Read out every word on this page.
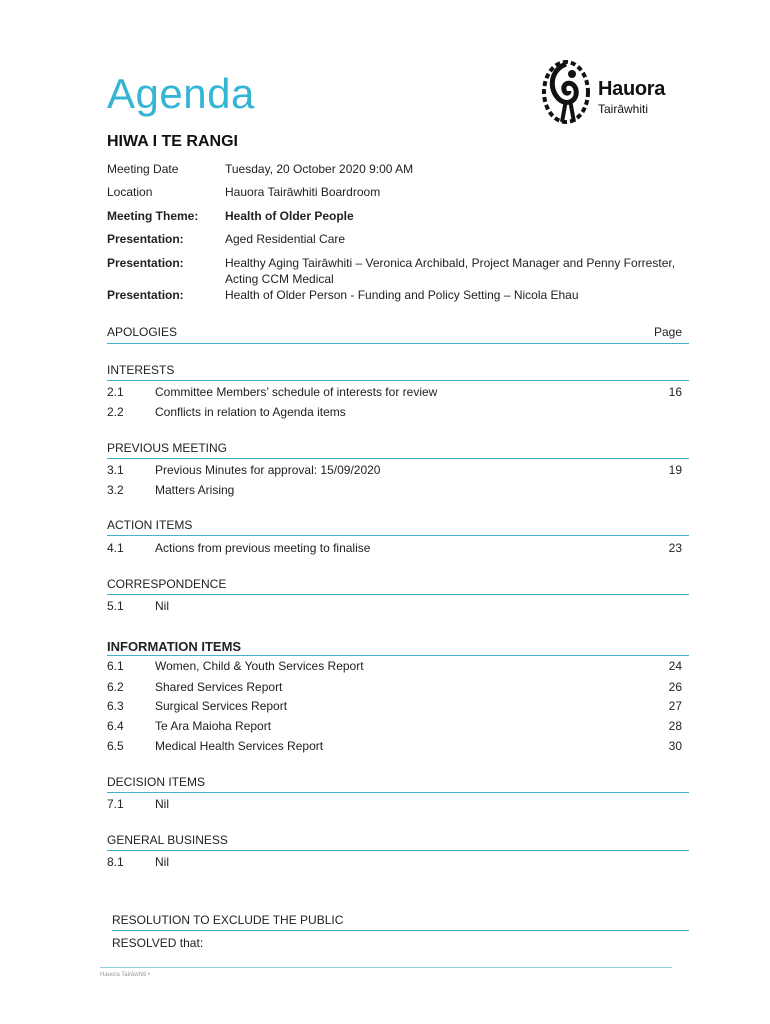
Agenda
HIWA I TE RANGI
Hauora
Tairāwhiti
Meeting Date	Tuesday, 20 October 2020 9:00 AM
Location	Hauora Tairāwhiti Boardroom
Meeting Theme: Health of Older People
Presentation:	Aged Residential Care
Presentation:	Healthy Aging Tairāwhiti – Veronica Archibald, Project Manager and Penny Forrester,
Acting CCM Medical
Presentation:	Health of Older Person - Funding and Policy Setting – Nicola Ehau
APOLOGIES	Page
INTERESTS
2.1	Committee Members’ schedule of interests for review	16
2.2	Conflicts in relation to Agenda items
PREVIOUS MEETING
3.1	Previous Minutes for approval: 15/09/2020	19
3.2	Matters Arising
ACTION ITEMS
4.1	Actions from previous meeting to finalise	23
CORRESPONDENCE
5.1	Nil
INFORMATION ITEMS
6.1	Women, Child & Youth Services Report	24
6.2	Shared Services Report	26
6.3	Surgical Services Report	27
6.4	Te Ara Maioha Report	28
6.5	Medical Health Services Report	30
DECISION ITEMS
7.1	Nil
GENERAL BUSINESS
8.1	Nil
RESOLUTION TO EXCLUDE THE PUBLIC
RESOLVED that:
Hauora Tairāwhiti •
